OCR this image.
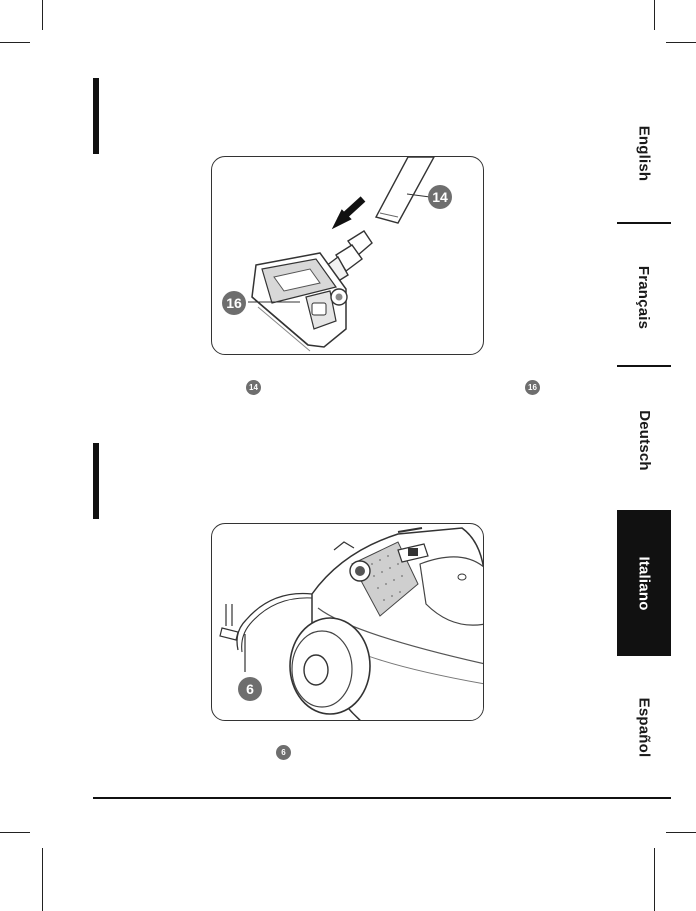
14
16
14	16
6
6
English
Français
Deutsch
Italiano
Español
